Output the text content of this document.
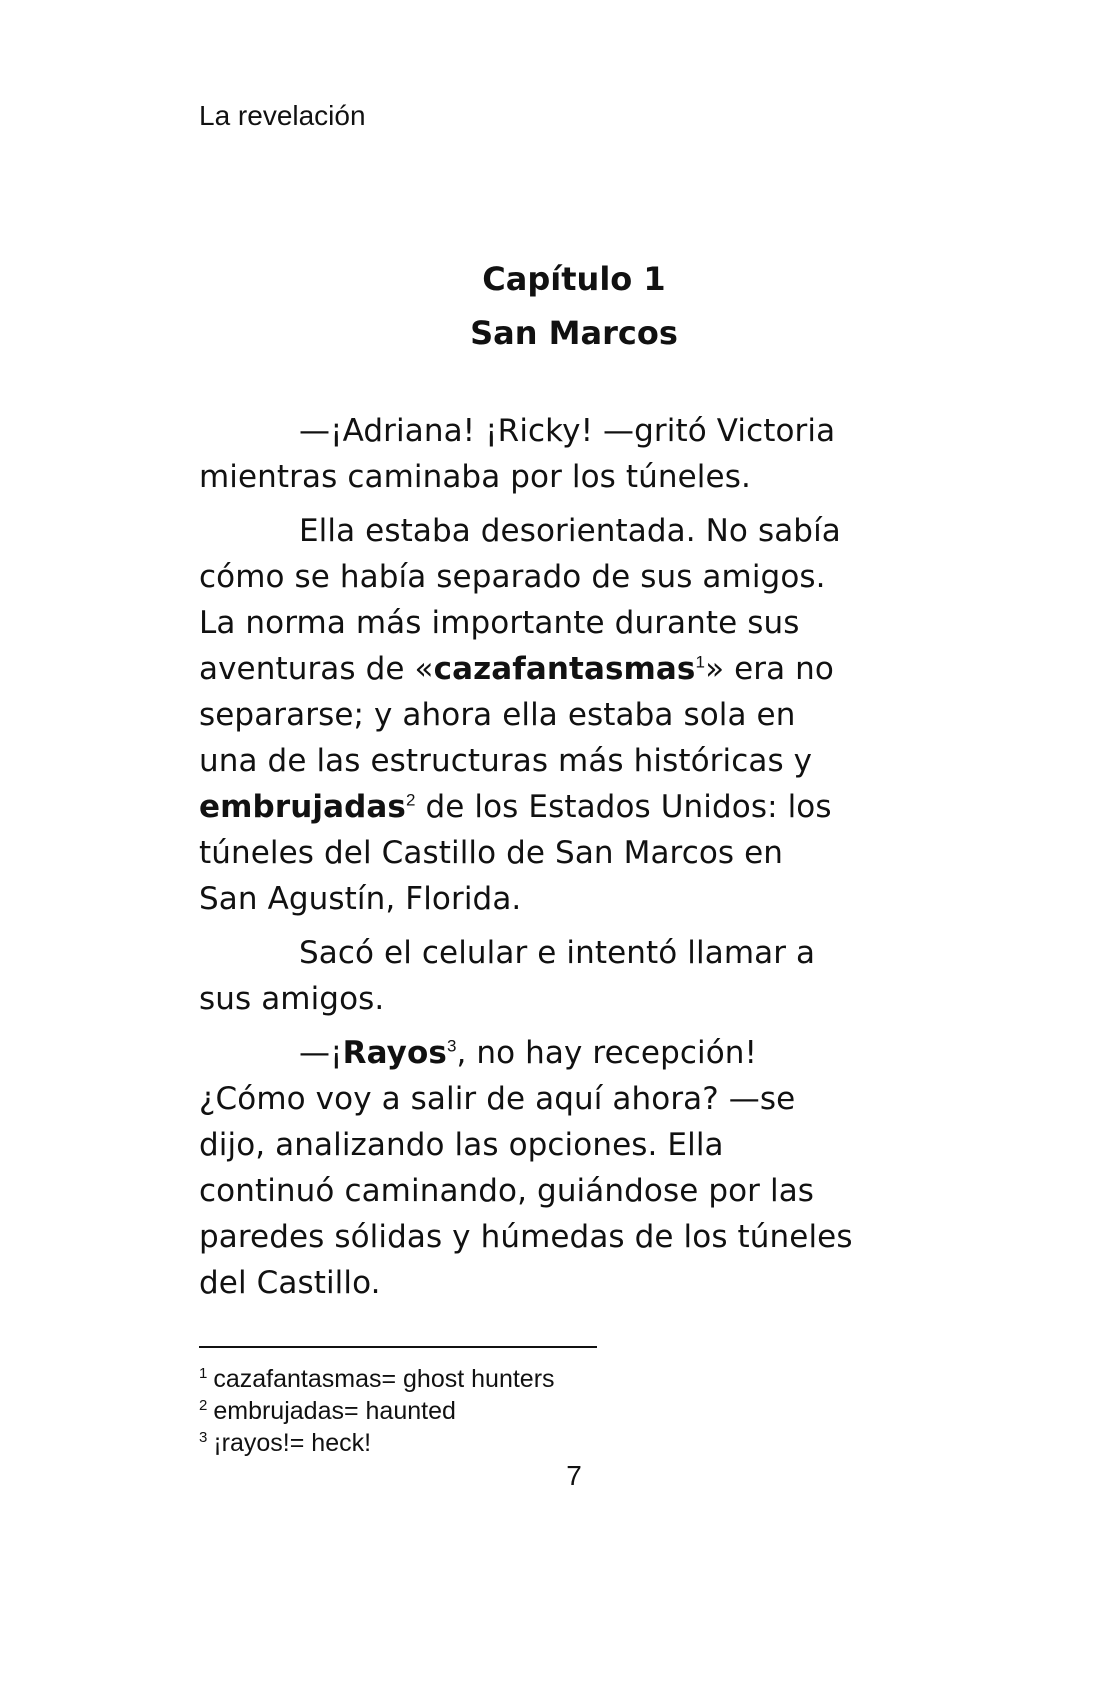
La revelación
Capítulo 1
San Marcos

—¡Adriana! ¡Ricky! —gritó Victoria
mientras caminaba por los túneles.

Ella estaba desorientada. No sabía
cómo se había separado de sus amigos.
La norma más importante durante sus
aventuras de «cazafantasmas$^1$» era no
separarse; y ahora ella estaba sola en
una de las estructuras más históricas y
embrujadas$^2$ de los Estados Unidos: los
túneles del Castillo de San Marcos en
San Agustín, Florida.

Sacó el celular e intentó llamar a
sus amigos.

—¡Rayos$^3$, no hay recepción!
¿Cómo voy a salir de aquí ahora? —se
dijo, analizando las opciones. Ella
continuó caminando, guiándose por las
paredes sólidas y húmedas de los túneles
del Castillo.

$^1$ cazafantasmas= ghost hunters
$^2$ embrujadas= haunted
$^3$ ¡rayos!= heck!
7
